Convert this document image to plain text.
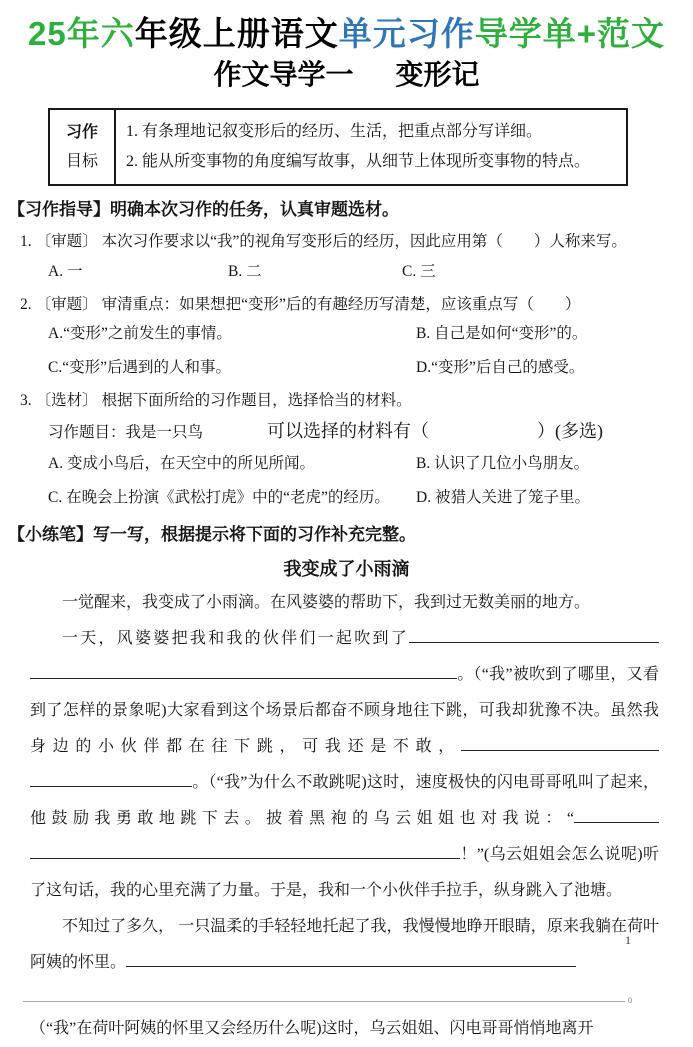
25年六年级上册语文单元习作导学单+范文
作文导学一 变形记
习作
目标
1. 有条理地记叙变形后的经历、生活，把重点部分写详细。
2. 能从所变事物的角度编写故事，从细节上体现所变事物的特点。
【习作指导】明确本次习作的任务，认真审题选材。
1. 〔审题〕 本次习作要求以“我”的视角写变形后的经历，因此应用第（　　）人称来写。
A. 一	B. 二	C. 三
2. 〔审题〕 审清重点：如果想把“变形”后的有趣经历写清楚，应该重点写（　　）
A.“变形”之前发生的事情。	B. 自己是如何“变形”的。
C.“变形”后遇到的人和事。	D.“变形”后自己的感受。
3. 〔选材〕 根据下面所给的习作题目，选择恰当的材料。
习作题目：我是一只鸟	可以选择的材料有（　　　　　　）(多选)
A. 变成小鸟后，在天空中的所见所闻。	B. 认识了几位小鸟朋友。
C. 在晚会上扮演《武松打虎》中的“老虎”的经历。	D. 被猎人关进了笼子里。
【小练笔】写一写，根据提示将下面的习作补充完整。
我变成了小雨滴

一觉醒来，我变成了小雨滴。在风婆婆的帮助下，我到过无数美丽的地方。

一天，风婆婆把我和我的伙伴们一起吹到了。（“我”被吹到了哪里，又看到了怎样的景象呢)大家看到这个场景后都奋不顾身地往下跳，可我却犹豫不决。虽然我身边的小伙伴都在往下跳，可我还是不敢，。（“我”为什么不敢跳呢)这时，速度极快的闪电哥哥吼叫了起来，他鼓励我勇敢地跳下去。披着黑袍的乌云姐姐也对我说：“！”(乌云姐姐会怎么说呢)听了这句话，我的心里充满了力量。于是，我和一个小伙伴手拉手，纵身跳入了池塘。

不知过了多久， 一只温柔的手轻轻地托起了我，我慢慢地睁开眼睛，原来我躺在荷叶阿姨的怀里。

0

（“我”在荷叶阿姨的怀里又会经历什么呢)这时，乌云姐姐、闪电哥哥悄悄地离开

1
